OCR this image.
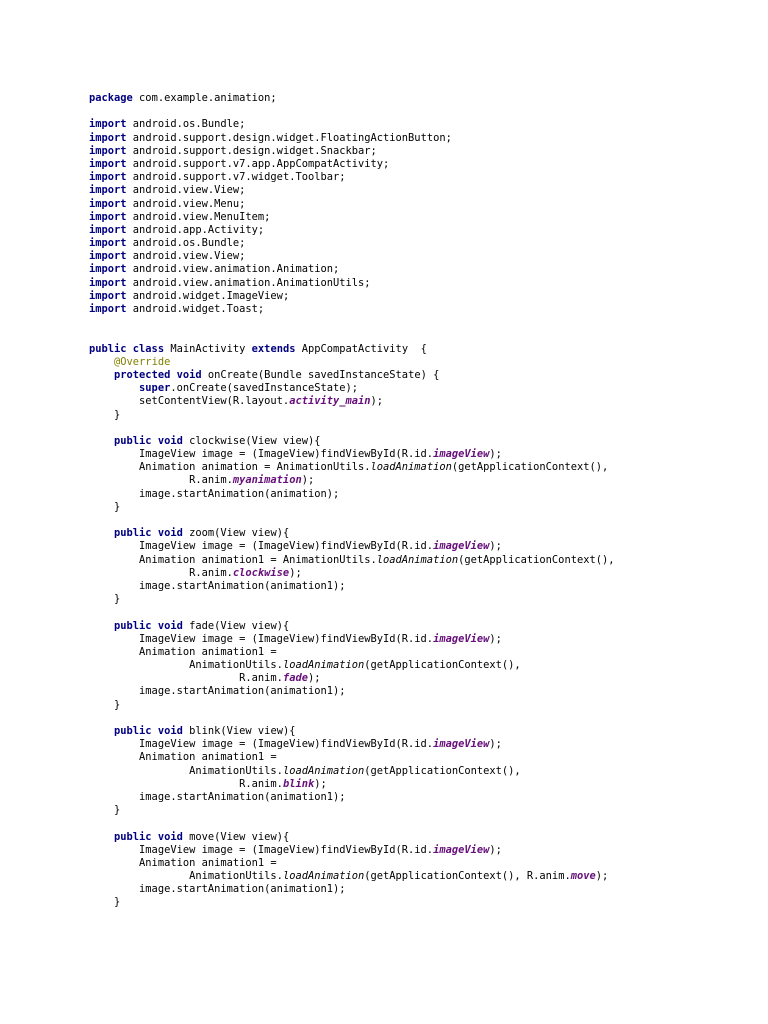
package com.example.animation;
import android.os.Bundle;
import android.support.design.widget.FloatingActionButton;
import android.support.design.widget.Snackbar;
import android.support.v7.app.AppCompatActivity;
import android.support.v7.widget.Toolbar;
import android.view.View;
import android.view.Menu;
import android.view.MenuItem;
import android.app.Activity;
import android.os.Bundle;
import android.view.View;
import android.view.animation.Animation;
import android.view.animation.AnimationUtils;
import android.widget.ImageView;
import android.widget.Toast;
public class MainActivity extends AppCompatActivity  {
@Override
protected void onCreate(Bundle savedInstanceState) {
super.onCreate(savedInstanceState);
setContentView(R.layout.activity_main);
}
public void clockwise(View view){
ImageView image = (ImageView)findViewById(R.id.imageView);
Animation animation = AnimationUtils.loadAnimation(getApplicationContext(),
R.anim.myanimation);
image.startAnimation(animation);
}
public void zoom(View view){
ImageView image = (ImageView)findViewById(R.id.imageView);
Animation animation1 = AnimationUtils.loadAnimation(getApplicationContext(),
R.anim.clockwise);
image.startAnimation(animation1);
}
public void fade(View view){
ImageView image = (ImageView)findViewById(R.id.imageView);
Animation animation1 =
AnimationUtils.loadAnimation(getApplicationContext(),
R.anim.fade);
image.startAnimation(animation1);
}
public void blink(View view){
ImageView image = (ImageView)findViewById(R.id.imageView);
Animation animation1 =
AnimationUtils.loadAnimation(getApplicationContext(),
R.anim.blink);
image.startAnimation(animation1);
}
public void move(View view){
ImageView image = (ImageView)findViewById(R.id.imageView);
Animation animation1 =
AnimationUtils.loadAnimation(getApplicationContext(), R.anim.move);
image.startAnimation(animation1);
}
